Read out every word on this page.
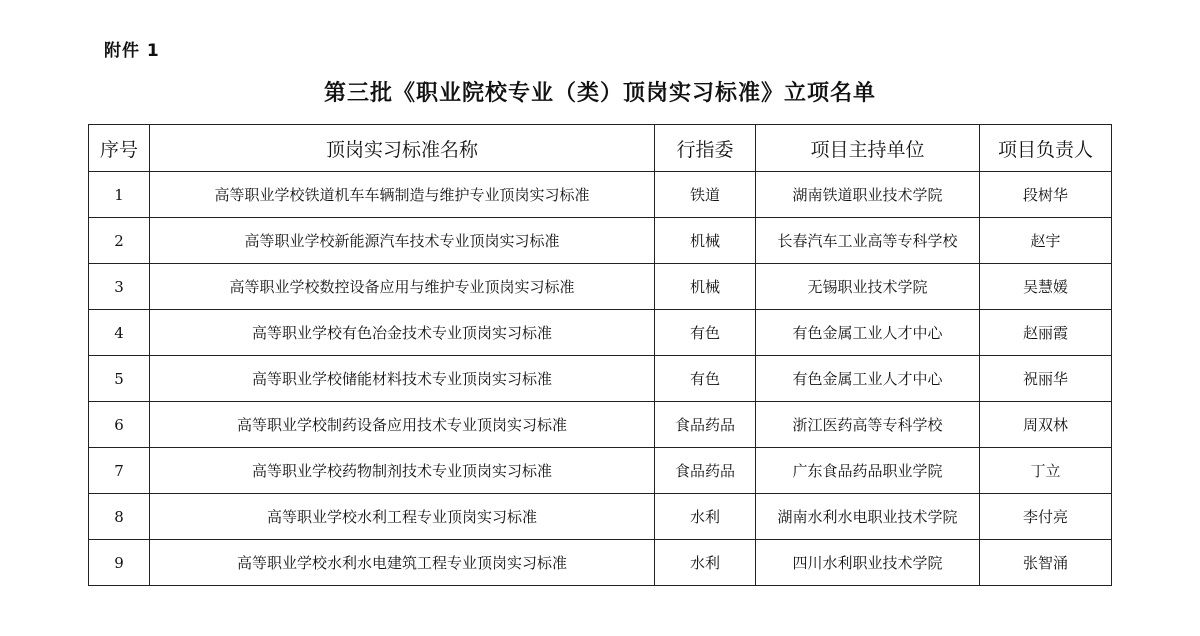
附件 1
第三批《职业院校专业（类）顶岗实习标准》立项名单
序号	顶岗实习标准名称	行指委	项目主持单位	项目负责人
1	高等职业学校铁道机车车辆制造与维护专业顶岗实习标准	铁道	湖南铁道职业技术学院	段树华
2	高等职业学校新能源汽车技术专业顶岗实习标准	机械	长春汽车工业高等专科学校	赵宇
3	高等职业学校数控设备应用与维护专业顶岗实习标准	机械	无锡职业技术学院	吴慧媛
4	高等职业学校有色冶金技术专业顶岗实习标准	有色	有色金属工业人才中心	赵丽霞
5	高等职业学校储能材料技术专业顶岗实习标准	有色	有色金属工业人才中心	祝丽华
6	高等职业学校制药设备应用技术专业顶岗实习标准	食品药品	浙江医药高等专科学校	周双林
7	高等职业学校药物制剂技术专业顶岗实习标准	食品药品	广东食品药品职业学院	丁立
8	高等职业学校水利工程专业顶岗实习标准	水利	湖南水利水电职业技术学院	李付亮
9	高等职业学校水利水电建筑工程专业顶岗实习标准	水利	四川水利职业技术学院	张智涌
